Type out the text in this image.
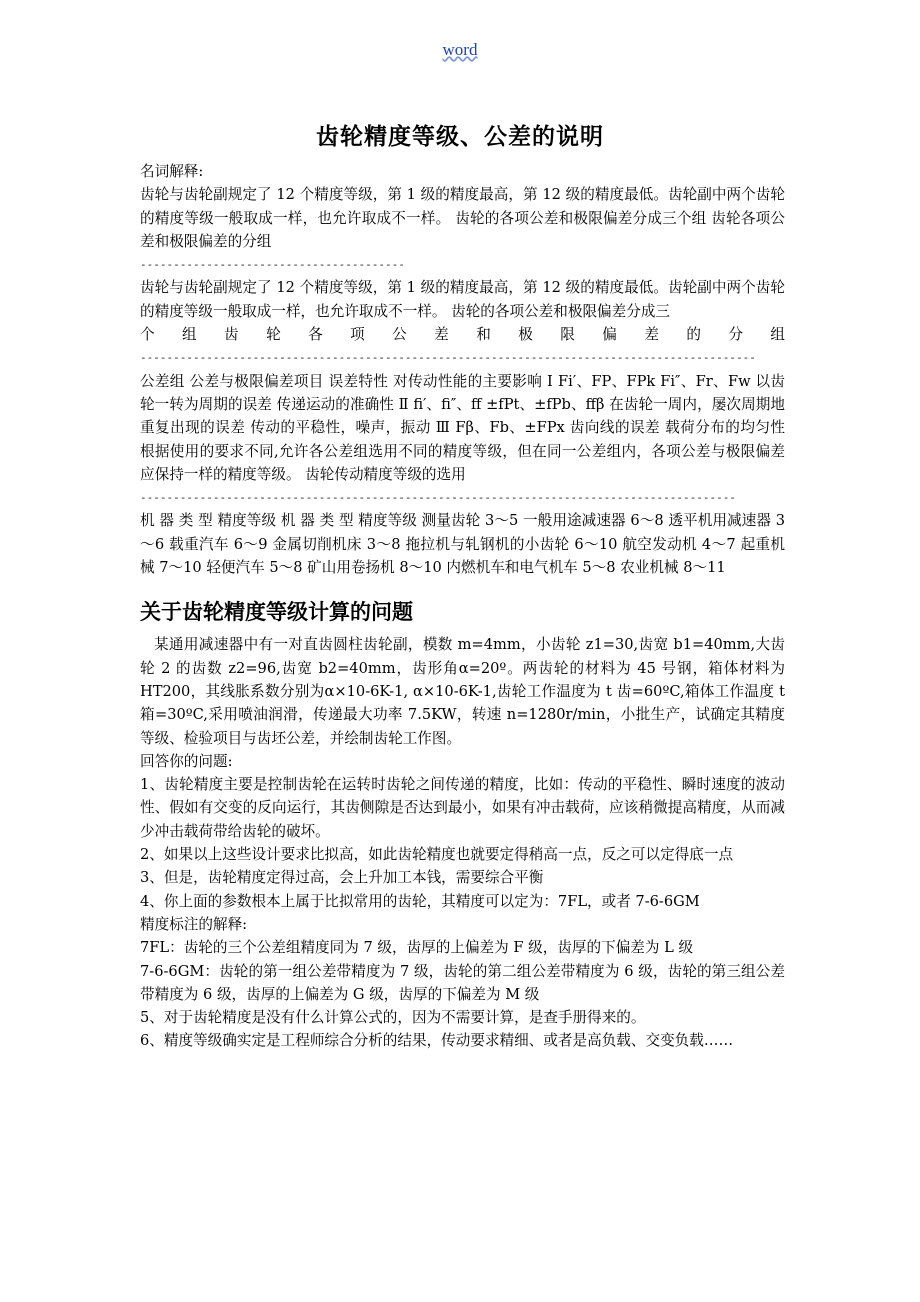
word
齿轮精度等级、公差的说明

名词解释:

齿轮与齿轮副规定了 12 个精度等级，第 1 级的精度最高，第 12 级的精度最低。齿轮副中两个齿轮的精度等级一般取成一样，也允许取成不一样。 齿轮的各项公差和极限偏差分成三个组 齿轮各项公差和极限偏差的分组

----------------------------------------

齿轮与齿轮副规定了 12 个精度等级，第 1 级的精度最高，第 12 级的精度最低。齿轮副中两个齿轮的精度等级一般取成一样，也允许取成不一样。 齿轮的各项公差和极限偏差分成三

个 组 齿 轮 各 项 公 差 和 极 限 偏 差 的 分 组

---------------------------------------------------------------------------------------------

公差组 公差与极限偏差项目 误差特性 对传动性能的主要影响 Ⅰ Fi′、FP、FPk Fi″、Fr、Fw 以齿轮一转为周期的误差 传递运动的准确性 Ⅱ fi′、fi″、ff ±fPt、±fPb、ffβ 在齿轮一周内，屡次周期地重复出现的误差 传动的平稳性，噪声，振动 Ⅲ Fβ、Fb、±FPx 齿向线的误差 载荷分布的均匀性 根据使用的要求不同,允许各公差组选用不同的精度等级，但在同一公差组内，各项公差与极限偏差应保持一样的精度等级。 齿轮传动精度等级的选用

------------------------------------------------------------------------------------------

机 器 类 型 精度等级 机 器 类 型 精度等级 测量齿轮 3～5 一般用途减速器 6～8 透平机用减速器 3～6 载重汽车 6～9 金属切削机床 3～8 拖拉机与轧钢机的小齿轮 6～10 航空发动机 4～7 起重机械 7～10 轻便汽车 5～8 矿山用卷扬机 8～10 内燃机车和电气机车 5～8 农业机械 8～11

关于齿轮精度等级计算的问题

某通用减速器中有一对直齿圆柱齿轮副，模数 m=4mm，小齿轮 z1=30,齿宽 b1=40mm,大齿轮 2 的齿数 z2=96,齿宽 b2=40mm，齿形角α=20º。两齿轮的材料为 45 号钢，箱体材料为 HT200，其线胀系数分别为α×10-6K-1, α×10-6K-1,齿轮工作温度为 t 齿=60ºC,箱体工作温度 t 箱=30ºC,采用喷油润滑，传递最大功率 7.5KW，转速 n=1280r/min，小批生产，试确定其精度等级、检验项目与齿坯公差，并绘制齿轮工作图。

回答你的问题:

1、齿轮精度主要是控制齿轮在运转时齿轮之间传递的精度，比如：传动的平稳性、瞬时速度的波动性、假如有交变的反向运行，其齿侧隙是否达到最小，如果有冲击载荷，应该稍微提高精度，从而减少冲击载荷带给齿轮的破坏。

2、如果以上这些设计要求比拟高，如此齿轮精度也就要定得稍高一点，反之可以定得底一点

3、但是，齿轮精度定得过高，会上升加工本钱，需要综合平衡

4、你上面的参数根本上属于比拟常用的齿轮，其精度可以定为：7FL，或者 7-6-6GM

精度标注的解释:

7FL：齿轮的三个公差组精度同为 7 级，齿厚的上偏差为 F 级，齿厚的下偏差为 L 级

7-6-6GM：齿轮的第一组公差带精度为 7 级，齿轮的第二组公差带精度为 6 级，齿轮的第三组公差带精度为 6 级，齿厚的上偏差为 G 级，齿厚的下偏差为 M 级

5、对于齿轮精度是没有什么计算公式的，因为不需要计算，是查手册得来的。

6、精度等级确实定是工程师综合分析的结果，传动要求精细、或者是高负载、交变负载……
